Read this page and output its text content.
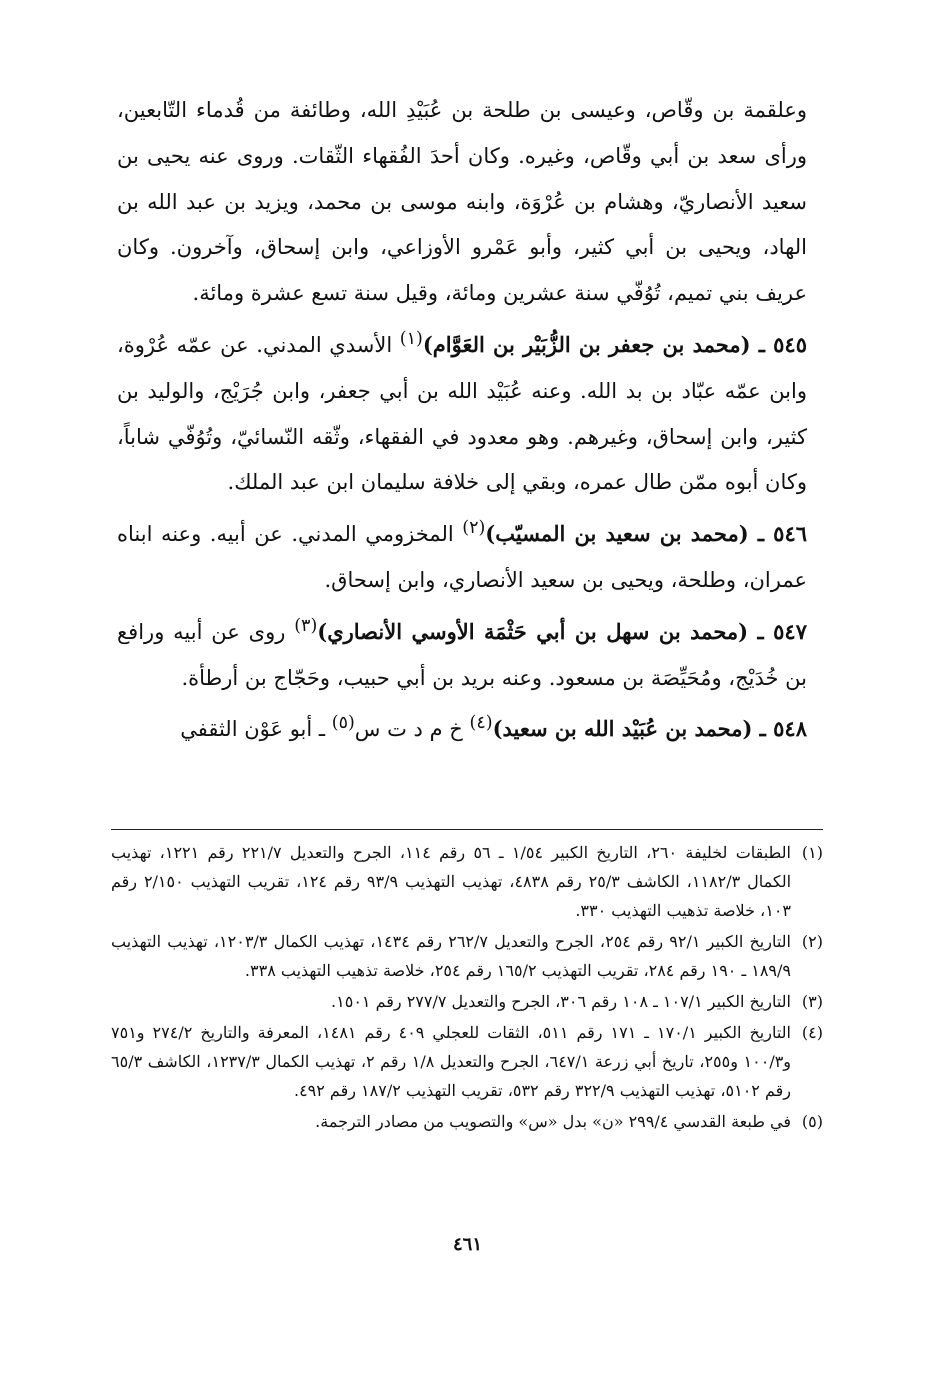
وعلقمة بن وقّاص، وعيسى بن طلحة بن عُبَيْدِ الله، وطائفة من قُدماء التّابعين، ورأى سعد بن أبي وقّاص، وغيره. وكان أحدَ الفُقهاء الثّقات. وروى عنه يحيى بن سعيد الأنصاريّ، وهشام بن عُرْوَة، وابنه موسى بن محمد، ويزيد بن عبد الله بن الهاد، ويحيى بن أبي كثير، وأبو عَمْرو الأوزاعي، وابن إسحاق، وآخرون. وكان عريف بني تميم، تُوُفّي سنة عشرين ومائة، وقيل سنة تسع عشرة ومائة.

٥٤٥ ـ (محمد بن جعفر بن الزُّبَيْر بن العَوَّام)$^{(١)}$ الأسدي المدني. عن عمّه عُرْوة، وابن عمّه عبّاد بن بد الله. وعنه عُبَيْد الله بن أبي جعفر، وابن جُرَيْج، والوليد بن كثير، وابن إسحاق، وغيرهم. وهو معدود في الفقهاء، وثّقه النّسائيّ، وتُوُفّي شاباً، وكان أبوه ممّن طال عمره، وبقي إلى خلافة سليمان ابن عبد الملك.

٥٤٦ ـ (محمد بن سعيد بن المسيّب)$^{(٢)}$ المخزومي المدني. عن أبيه. وعنه ابناه عمران، وطلحة، ويحيى بن سعيد الأنصاري، وابن إسحاق.

٥٤٧ ـ (محمد بن سهل بن أبي حَثْمَة الأوسي الأنصاري)$^{(٣)}$ روى عن أبيه ورافع بن خُدَيْج، ومُحَيِّصَة بن مسعود. وعنه بريد بن أبي حبيب، وحَجّاج بن أرطأة.

٥٤٨ ـ (محمد بن عُبَيْد الله بن سعيد)$^{(٤)}$ خ م د ت س$^{(٥)}$ ـ أبو عَوْن الثقفي

(١)
الطبقات لخليفة ٢٦٠، التاريخ الكبير ١/٥٤ ـ ٥٦ رقم ١١٤، الجرح والتعديل ٢٢١/٧ رقم ١٢٢١، تهذيب الكمال ١١٨٢/٣، الكاشف ٢٥/٣ رقم ٤٨٣٨، تهذيب التهذيب ٩٣/٩ رقم ١٢٤، تقريب التهذيب ٢/١٥٠ رقم ١٠٣، خلاصة تذهيب التهذيب ٣٣٠.
(٢)
التاريخ الكبير ٩٢/١ رقم ٢٥٤، الجرح والتعديل ٢٦٢/٧ رقم ١٤٣٤، تهذيب الكمال ١٢٠٣/٣، تهذيب التهذيب ١٨٩/٩ ـ ١٩٠ رقم ٢٨٤، تقريب التهذيب ١٦٥/٢ رقم ٢٥٤، خلاصة تذهيب التهذيب ٣٣٨.
(٣)
التاريخ الكبير ١٠٧/١ ـ ١٠٨ رقم ٣٠٦، الجرح والتعديل ٢٧٧/٧ رقم ١٥٠١.
(٤)
التاريخ الكبير ١٧٠/١ ـ ١٧١ رقم ٥١١، الثقات للعجلي ٤٠٩ رقم ١٤٨١، المعرفة والتاريخ ٢٧٤/٢ و٧٥١ و١٠٠/٣ و٢٥٥، تاريخ أبي زرعة ٦٤٧/١، الجرح والتعديل ١/٨ رقم ٢، تهذيب الكمال ١٢٣٧/٣، الكاشف ٦٥/٣ رقم ٥١٠٢، تهذيب التهذيب ٣٢٢/٩ رقم ٥٣٢، تقريب التهذيب ١٨٧/٢ رقم ٤٩٢.
(٥)
في طبعة القدسي ٢٩٩/٤ «ن» بدل «س» والتصويب من مصادر الترجمة.
٤٦١
